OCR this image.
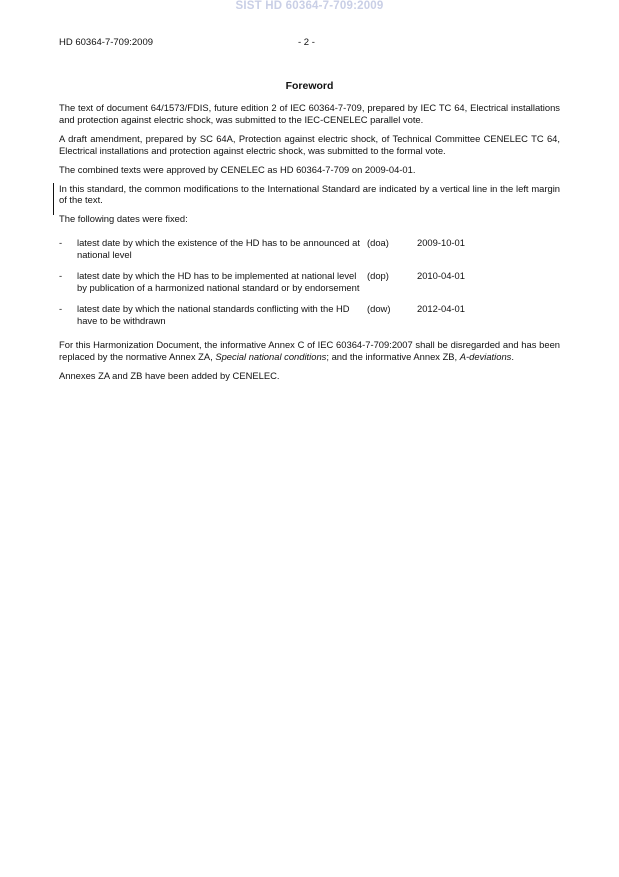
SIST HD 60364-7-709:2009
HD 60364-7-709:2009	- 2 -
Foreword

The text of document 64/1573/FDIS, future edition 2 of IEC 60364-7-709, prepared by IEC TC 64, Electrical installations and protection against electric shock, was submitted to the IEC-CENELEC parallel vote.

A draft amendment, prepared by SC 64A, Protection against electric shock, of Technical Committee CENELEC TC 64, Electrical installations and protection against electric shock, was submitted to the formal vote.

The combined texts were approved by CENELEC as HD 60364-7-709 on 2009-04-01.

In this standard, the common modifications to the International Standard are indicated by a vertical line in the left margin of the text.

The following dates were fixed:

- latest date by which the existence of the HD has to be announced at national level
(doa)	2009-10-01
- latest date by which the HD has to be implemented at national level by publication of a harmonized national standard or by endorsement
(dop)	2010-04-01
- latest date by which the national standards conflicting with the HD have to be withdrawn
(dow)	2012-04-01

For this Harmonization Document, the informative Annex C of IEC 60364-7-709:2007 shall be disregarded and has been replaced by the normative Annex ZA, Special national conditions; and the informative Annex ZB, A-deviations.

Annexes ZA and ZB have been added by CENELEC.
